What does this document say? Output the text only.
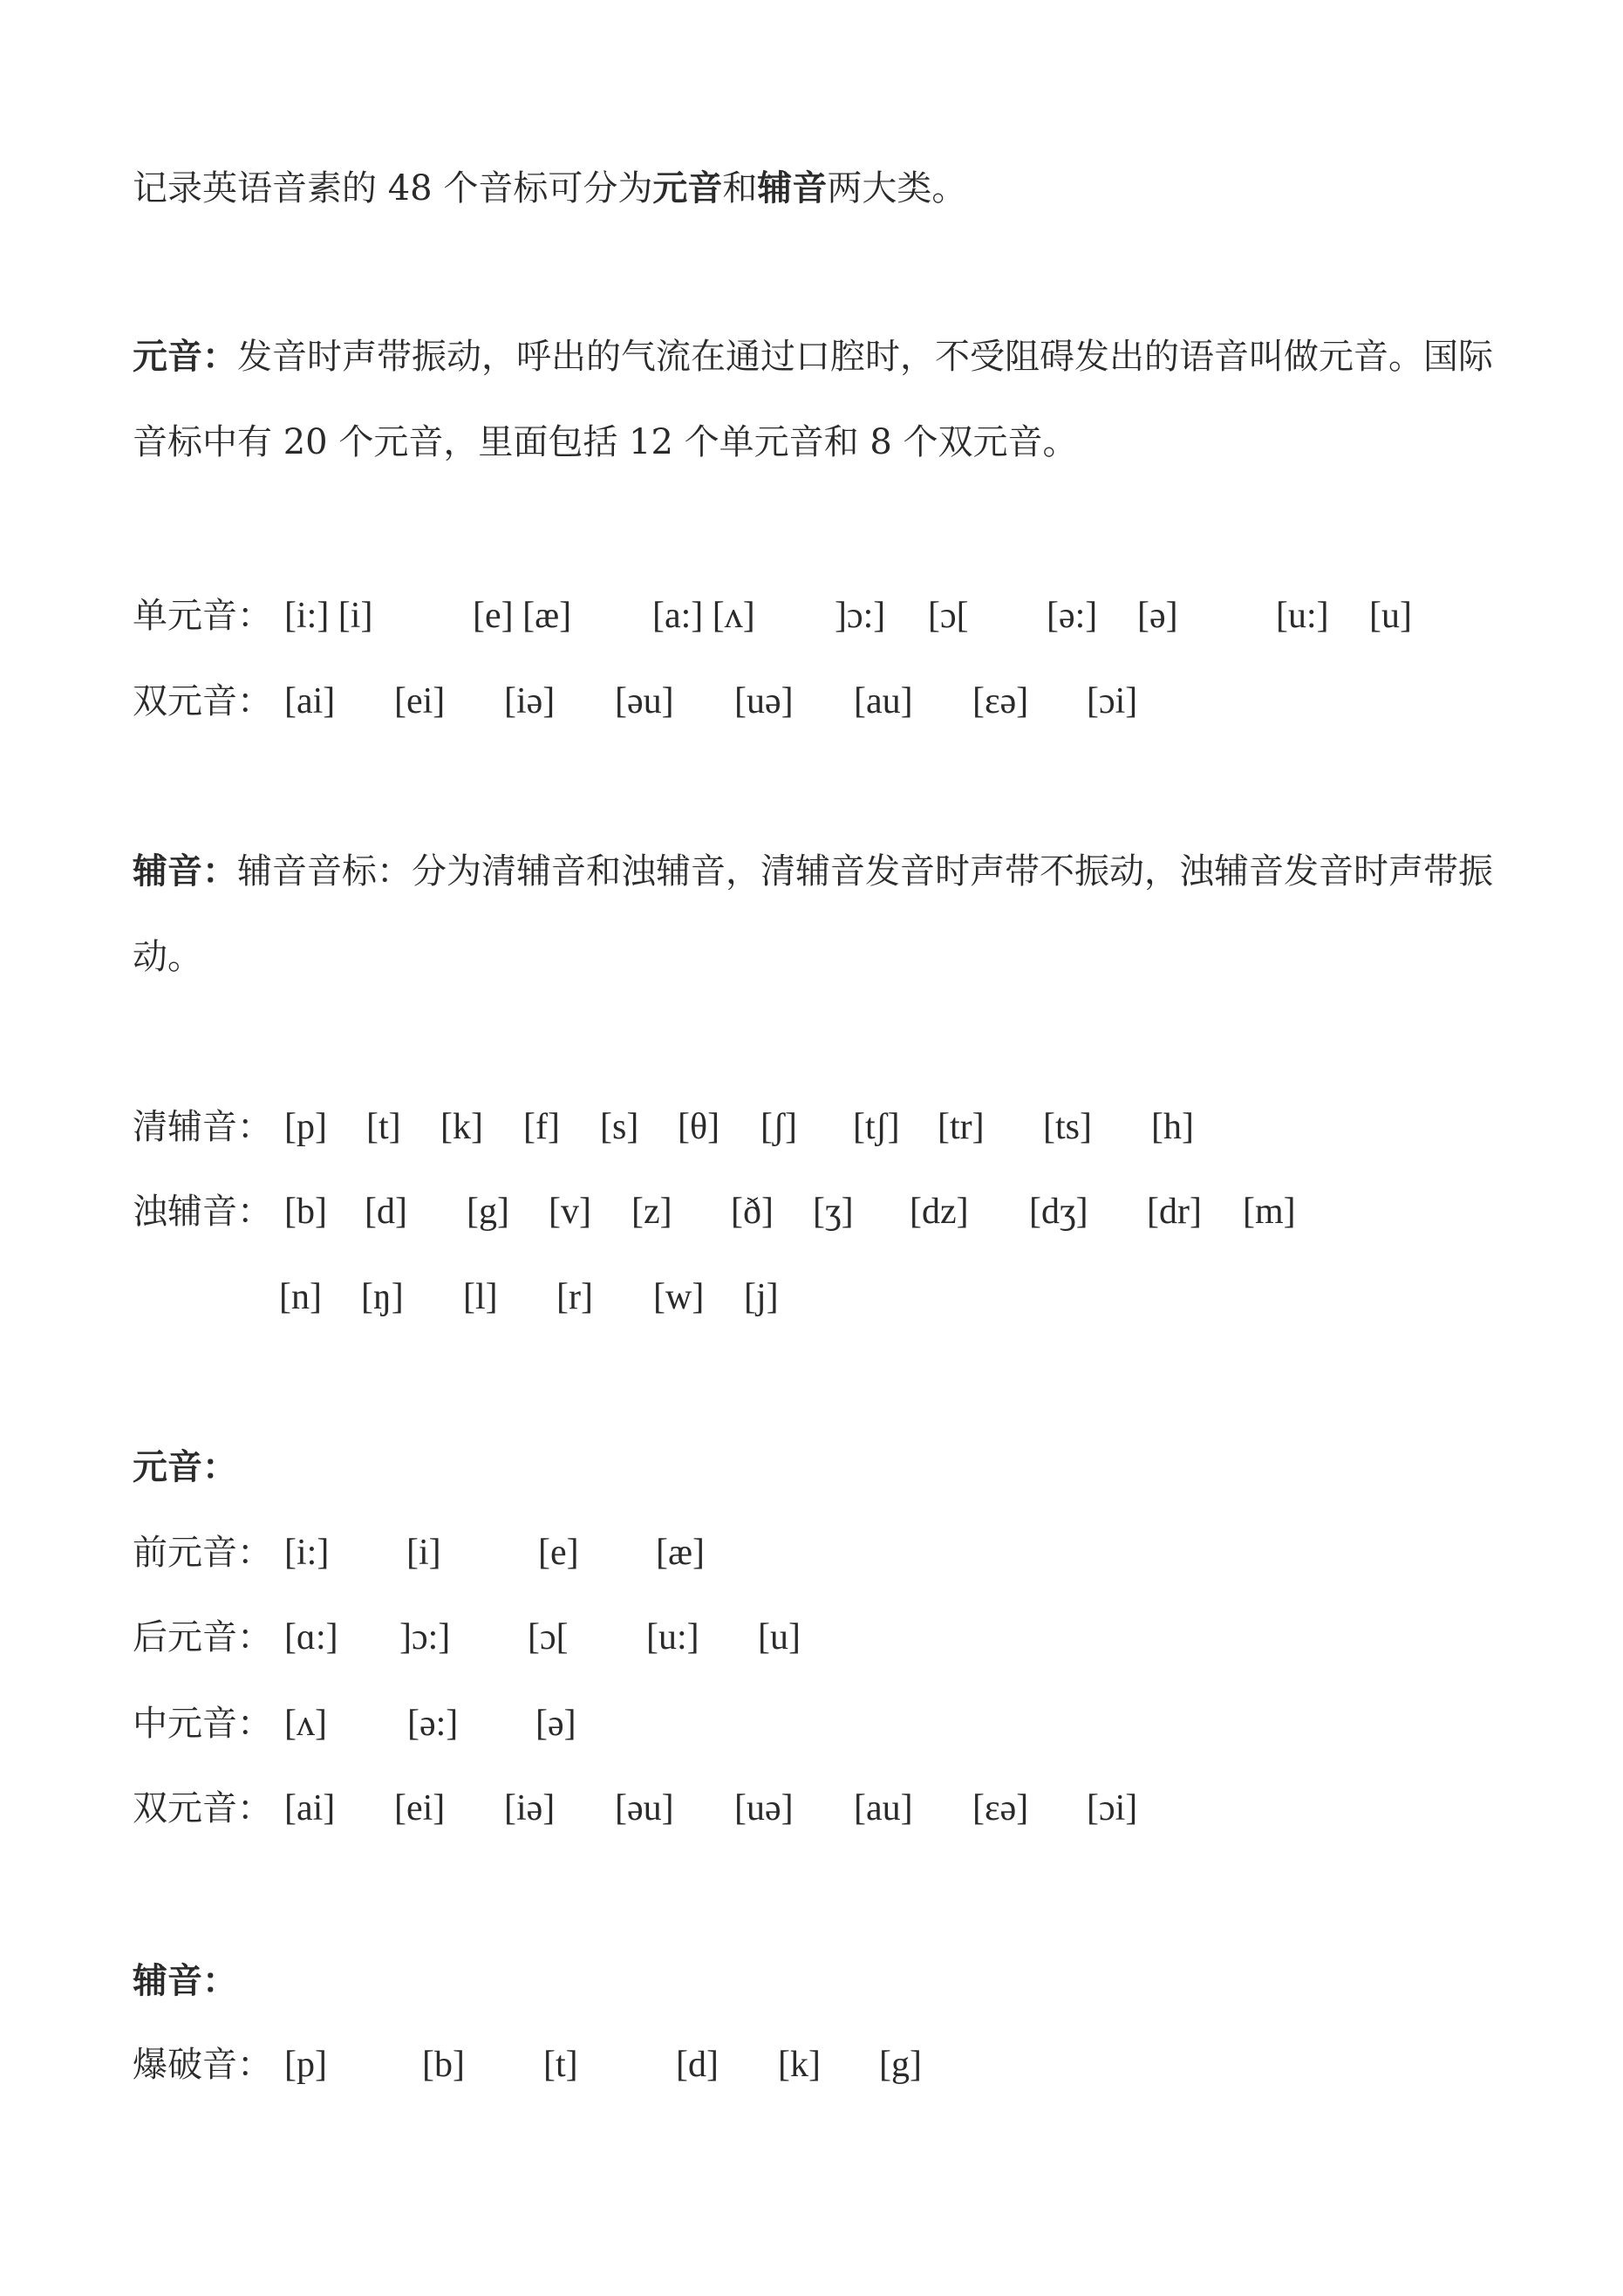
记录英语音素的 48 个音标可分为元音和辅音两大类。
元音：发音时声带振动，呼出的气流在通过口腔时，不受阻碍发出的语音叫做元音。国际音标中有 20 个元音，里面包括 12 个单元音和 8 个双元音。
单元音： [i:] [i]	[e] [æ] [a:] [ʌ] ]ɔ:] [ɔ[ [ə:] [ə]	[u:] [u]
双元音： [ai] [ei] [iə] [əu] [uə] [au] [εə] [ɔi]
辅音：辅音音标：分为清辅音和浊辅音，清辅音发音时声带不振动，浊辅音发音时声带振动。
清辅音： [p] [t] [k] [f] [s] [θ] [ʃ] [tʃ] [tr] [ts] [h]
浊辅音： [b] [d] [g] [v] [z] [ð] [ʒ] [dz] [dʒ] [dr] [m]
[n] [ŋ] [l] [r] [w] [j]
元音：
前元音： [i:] [i]	[e] [æ]
后元音： [ɑ:] ]ɔ:] [ɔ[ [u:] [u]
中元音： [ʌ] [ə:] [ə]
双元音： [ai] [ei] [iə] [əu] [uə] [au] [εə] [ɔi]
辅音：
爆破音： [p]	[b] [t]	[d] [k] [g]
